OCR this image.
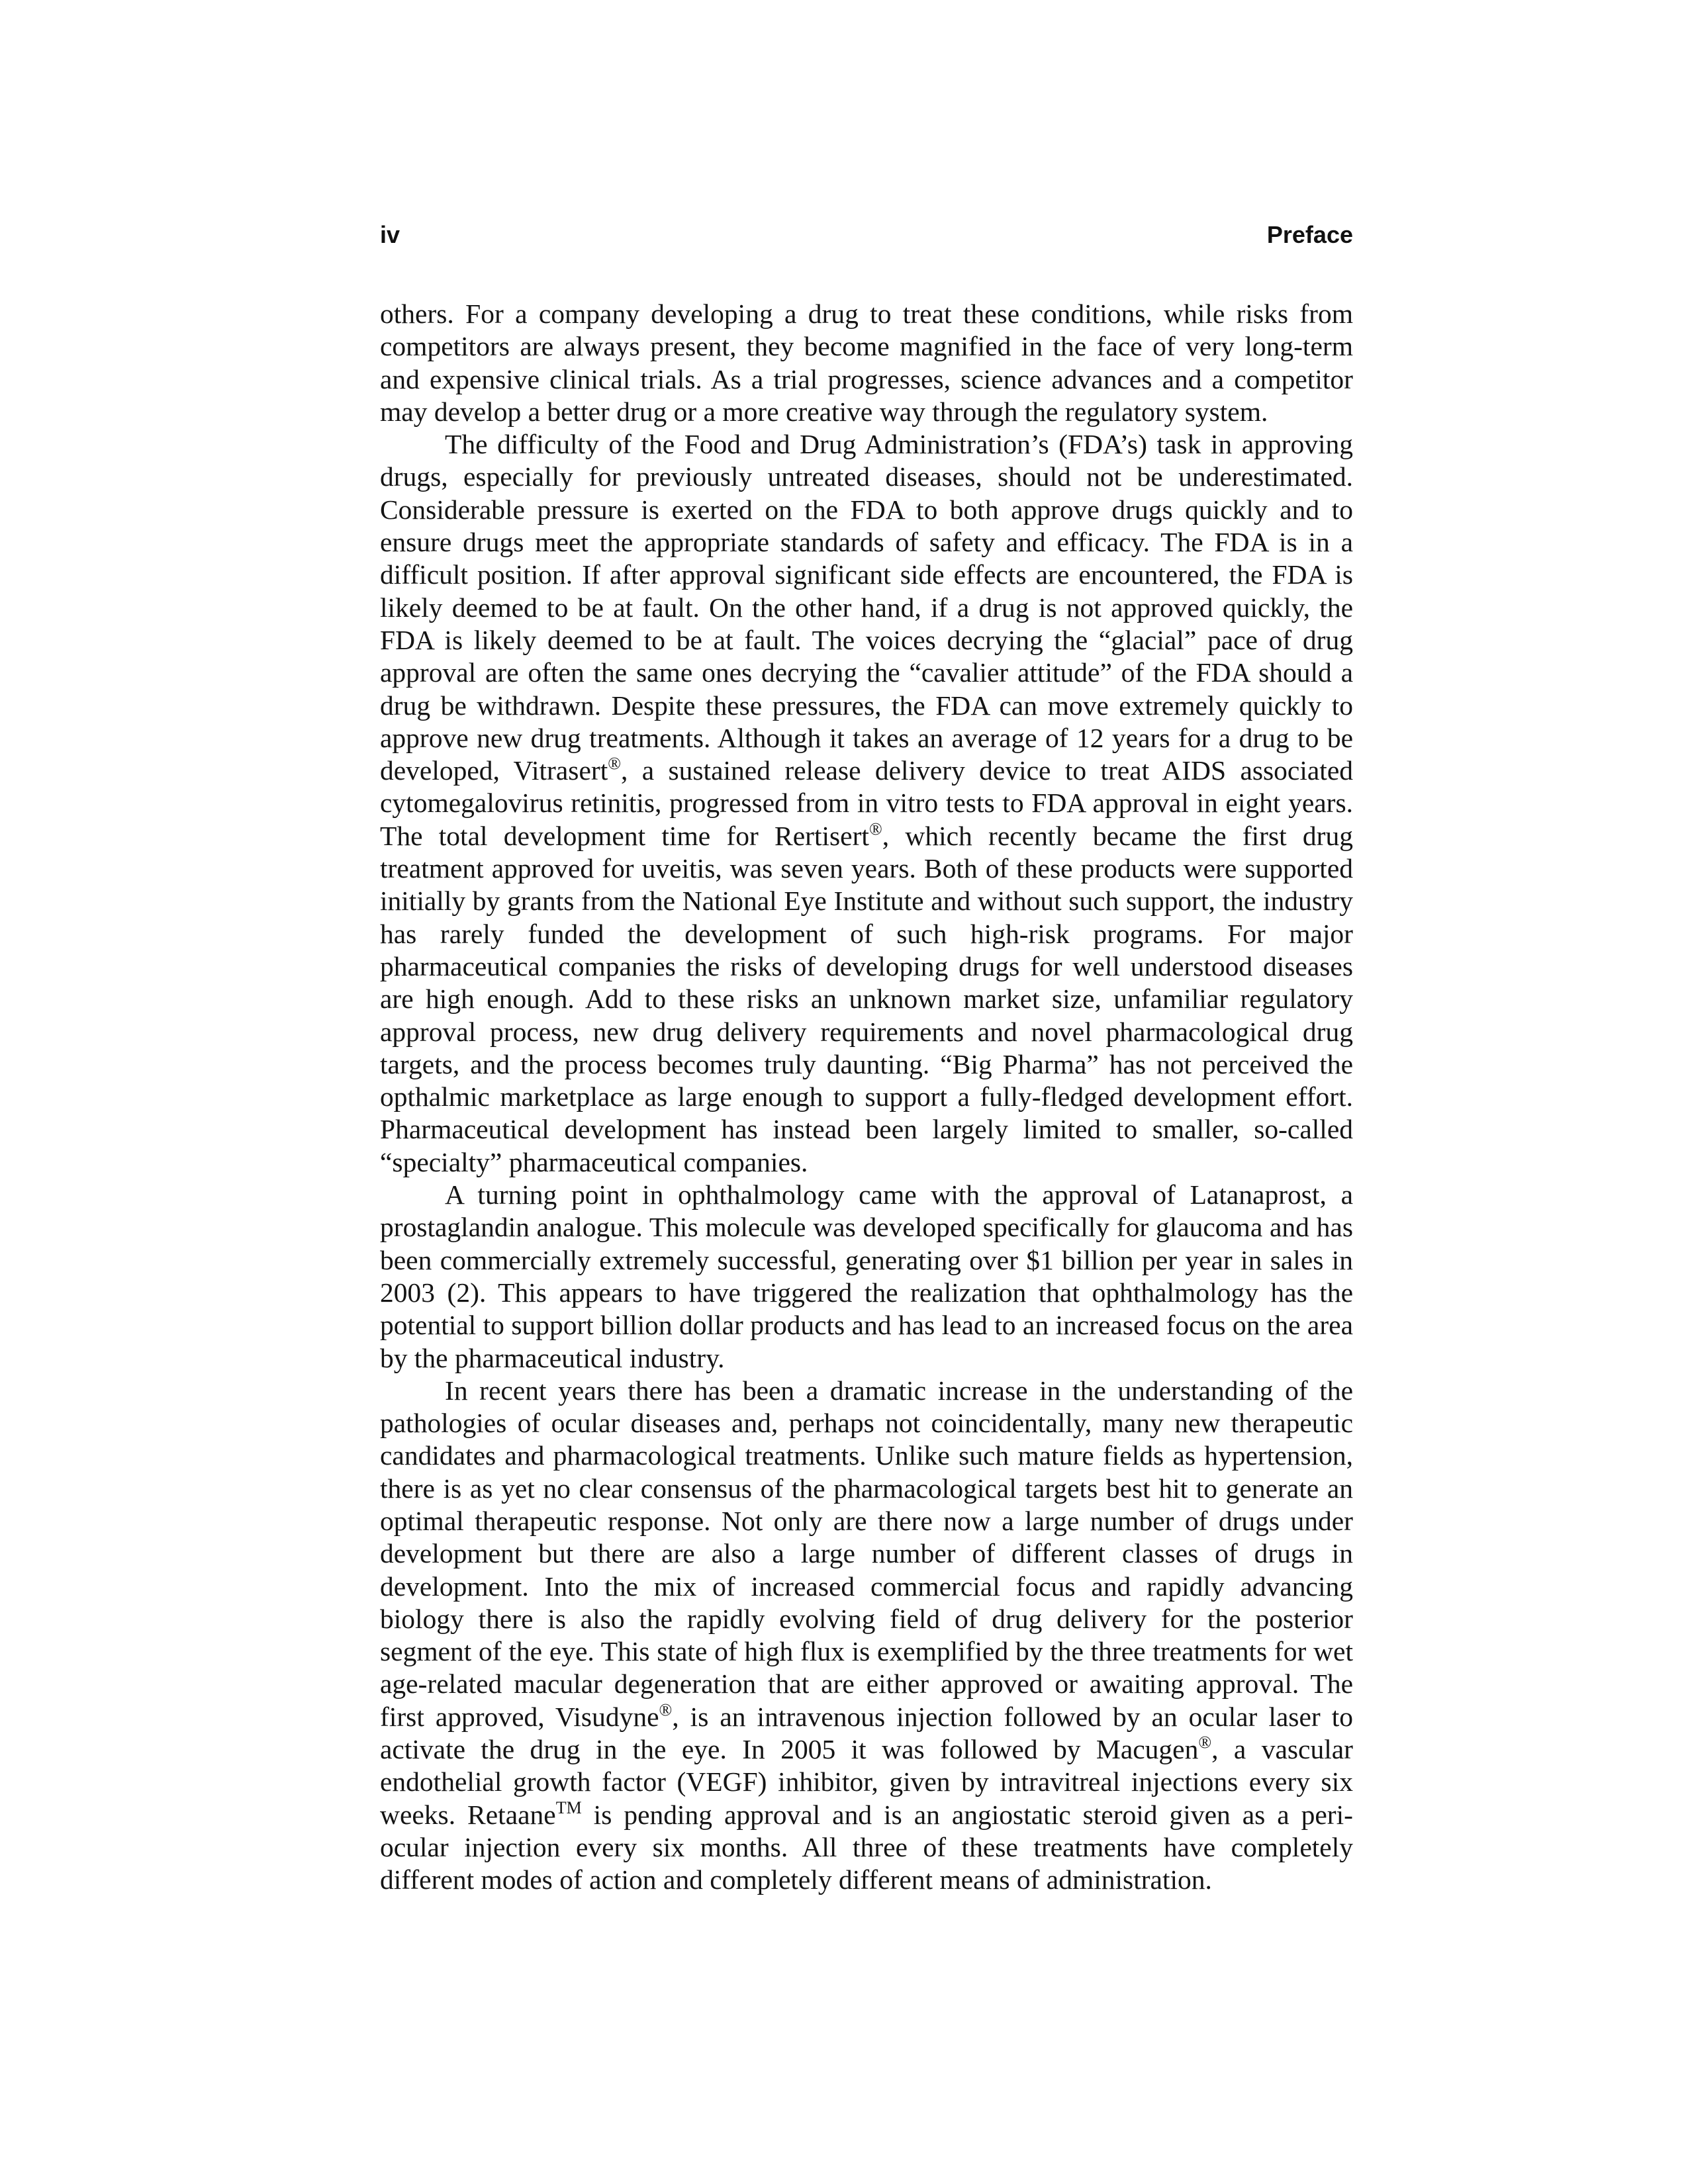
iv	Preface

others. For a company developing a drug to treat these conditions, while risks from competitors are always present, they become magnified in the face of very long-term and expensive clinical trials. As a trial progresses, science advances and a competitor may develop a better drug or a more creative way through the regulatory system.

The difficulty of the Food and Drug Administration’s (FDA’s) task in approving drugs, especially for previously untreated diseases, should not be underestimated. Considerable pressure is exerted on the FDA to both approve drugs quickly and to ensure drugs meet the appropriate standards of safety and efficacy. The FDA is in a difficult position. If after approval significant side effects are encountered, the FDA is likely deemed to be at fault. On the other hand, if a drug is not approved quickly, the FDA is likely deemed to be at fault. The voices decrying the “glacial” pace of drug approval are often the same ones decrying the “cavalier attitude” of the FDA should a drug be withdrawn. Despite these pressures, the FDA can move extremely quickly to approve new drug treatments. Although it takes an average of 12 years for a drug to be developed, Vitrasert®, a sustained release delivery device to treat AIDS associated cytomegalovirus retinitis, progressed from in vitro tests to FDA approval in eight years. The total development time for Rertisert®, which recently became the first drug treatment approved for uveitis, was seven years. Both of these products were supported initially by grants from the National Eye Institute and without such support, the industry has rarely funded the development of such high-risk programs. For major pharmaceutical companies the risks of developing drugs for well understood diseases are high enough. Add to these risks an unknown market size, unfamiliar regulatory approval process, new drug delivery requirements and novel pharmacological drug targets, and the process becomes truly daunting. “Big Pharma” has not perceived the opthalmic marketplace as large enough to support a fully-fledged development effort. Pharmaceutical development has instead been largely limited to smaller, so-called “specialty” pharmaceutical companies.

A turning point in ophthalmology came with the approval of Latanaprost, a prostaglandin analogue. This molecule was developed specifically for glaucoma and has been commercially extremely successful, generating over $1 billion per year in sales in 2003 (2). This appears to have triggered the realization that ophthalmology has the potential to support billion dollar products and has lead to an increased focus on the area by the pharmaceutical industry.

In recent years there has been a dramatic increase in the understanding of the pathologies of ocular diseases and, perhaps not coincidentally, many new therapeutic candidates and pharmacological treatments. Unlike such mature fields as hypertension, there is as yet no clear consensus of the pharmacological targets best hit to generate an optimal therapeutic response. Not only are there now a large number of drugs under development but there are also a large number of different classes of drugs in development. Into the mix of increased commercial focus and rapidly advancing biology there is also the rapidly evolving field of drug delivery for the posterior segment of the eye. This state of high flux is exemplified by the three treatments for wet age-related macular degeneration that are either approved or awaiting approval. The first approved, Visudyne®, is an intravenous injection followed by an ocular laser to activate the drug in the eye. In 2005 it was followed by Macugen®, a vascular endothelial growth factor (VEGF) inhibitor, given by intravitreal injections every six weeks. Retaane™ is pending approval and is an angiostatic steroid given as a peri-ocular injection every six months. All three of these treatments have completely different modes of action and completely different means of administration.
